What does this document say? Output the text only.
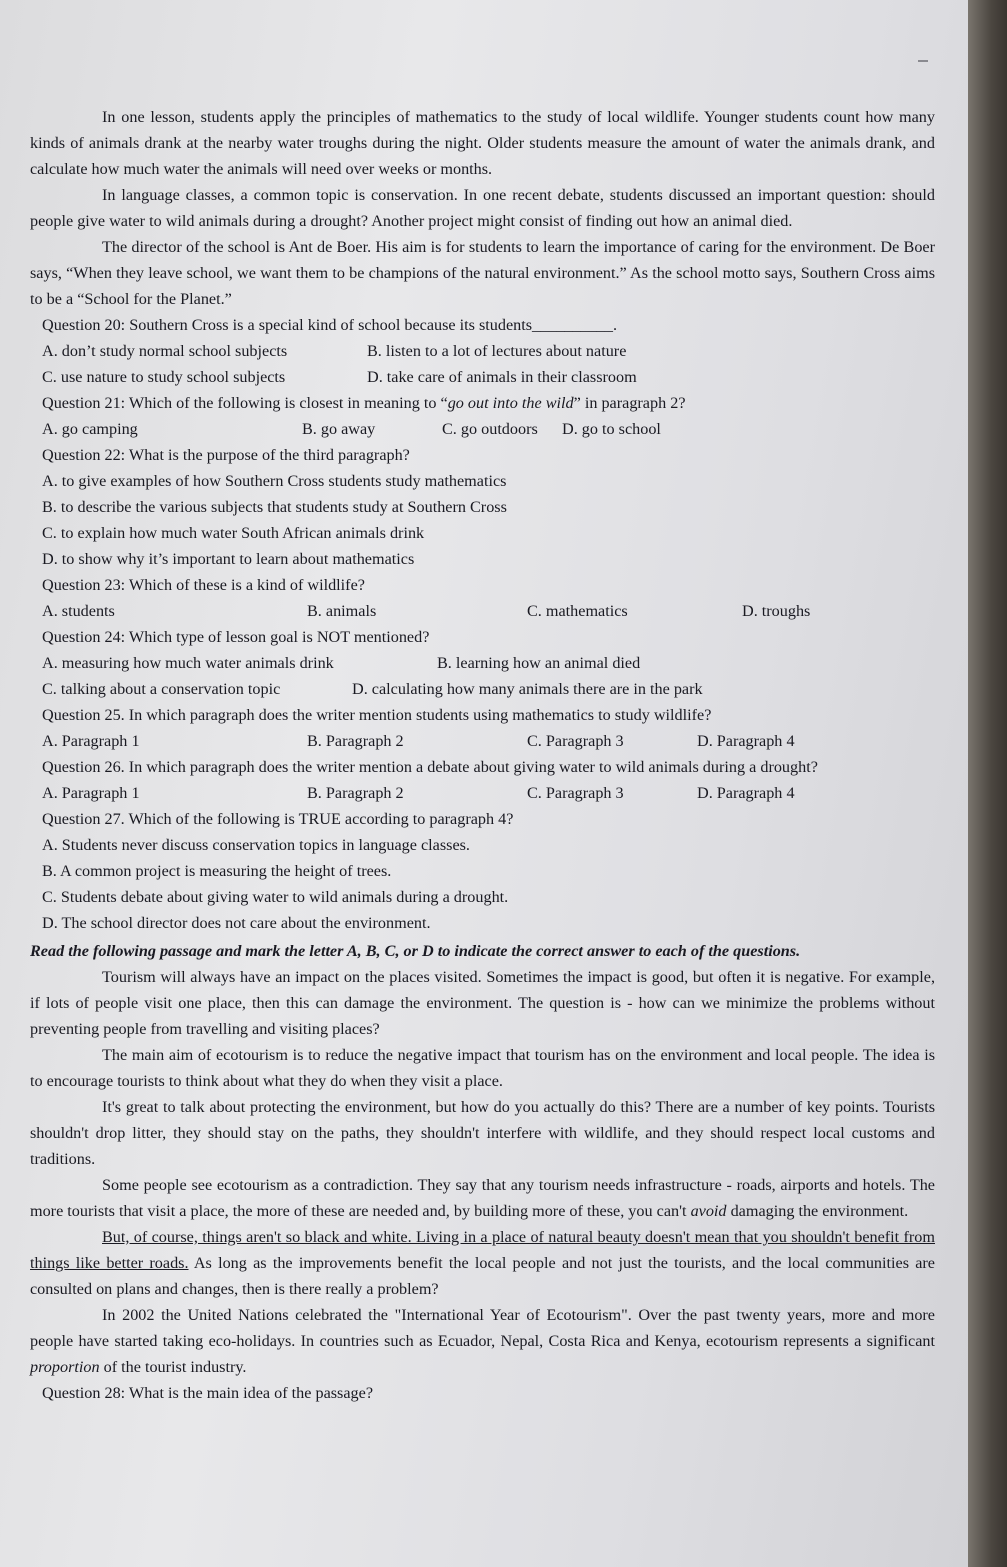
In one lesson, students apply the principles of mathematics to the study of local wildlife. Younger students count how many kinds of animals drank at the nearby water troughs during the night. Older students measure the amount of water the animals drank, and calculate how much water the animals will need over weeks or months.

In language classes, a common topic is conservation. In one recent debate, students discussed an important question: should people give water to wild animals during a drought? Another project might consist of finding out how an animal died.

The director of the school is Ant de Boer. His aim is for students to learn the importance of caring for the environment. De Boer says, “When they leave school, we want them to be champions of the natural environment.” As the school motto says, Southern Cross aims to be a “School for the Planet.”

Question 20: Southern Cross is a special kind of school because its students__________.

A. don’t study normal school subjects	B. listen to a lot of lectures about nature
C. use nature to study school subjects	D. take care of animals in their classroom

Question 21: Which of the following is closest in meaning to “go out into the wild” in paragraph 2?

A. go camping	B. go away	C. go outdoors	D. go to school

Question 22: What is the purpose of the third paragraph?

A. to give examples of how Southern Cross students study mathematics

B. to describe the various subjects that students study at Southern Cross

C. to explain how much water South African animals drink

D. to show why it’s important to learn about mathematics

Question 23: Which of these is a kind of wildlife?

A. students	B. animals	C. mathematics	D. troughs

Question 24: Which type of lesson goal is NOT mentioned?

A. measuring how much water animals drink	B. learning how an animal died
C. talking about a conservation topic	D. calculating how many animals there are in the park

Question 25. In which paragraph does the writer mention students using mathematics to study wildlife?

A. Paragraph 1	B. Paragraph 2	C. Paragraph 3	D. Paragraph 4

Question 26. In which paragraph does the writer mention a debate about giving water to wild animals during a drought?

A. Paragraph 1	B. Paragraph 2	C. Paragraph 3	D. Paragraph 4

Question 27. Which of the following is TRUE according to paragraph 4?

A. Students never discuss conservation topics in language classes.

B. A common project is measuring the height of trees.

C. Students debate about giving water to wild animals during a drought.

D. The school director does not care about the environment.

Read the following passage and mark the letter A, B, C, or D to indicate the correct answer to each of the questions.

Tourism will always have an impact on the places visited. Sometimes the impact is good, but often it is negative. For example, if lots of people visit one place, then this can damage the environment. The question is - how can we minimize the problems without preventing people from travelling and visiting places?

The main aim of ecotourism is to reduce the negative impact that tourism has on the environment and local people. The idea is to encourage tourists to think about what they do when they visit a place.

It's great to talk about protecting the environment, but how do you actually do this? There are a number of key points. Tourists shouldn't drop litter, they should stay on the paths, they shouldn't interfere with wildlife, and they should respect local customs and traditions.

Some people see ecotourism as a contradiction. They say that any tourism needs infrastructure - roads, airports and hotels. The more tourists that visit a place, the more of these are needed and, by building more of these, you can't avoid damaging the environment.

But, of course, things aren't so black and white. Living in a place of natural beauty doesn't mean that you shouldn't benefit from things like better roads. As long as the improvements benefit the local people and not just the tourists, and the local communities are consulted on plans and changes, then is there really a problem?

In 2002 the United Nations celebrated the "International Year of Ecotourism". Over the past twenty years, more and more people have started taking eco-holidays. In countries such as Ecuador, Nepal, Costa Rica and Kenya, ecotourism represents a significant proportion of the tourist industry.

Question 28: What is the main idea of the passage?
